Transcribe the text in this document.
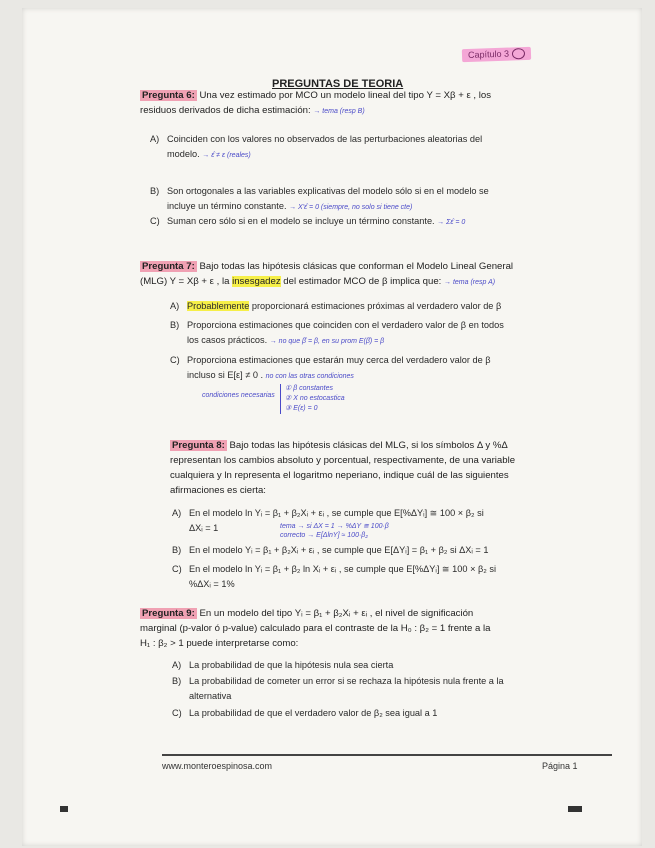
Capítulo 3
PREGUNTAS DE TEORIA
Pregunta 6: Una vez estimado por MCO un modelo lineal del tipo Y = Xβ + ε , los
residuos derivados de dicha estimación: → tema (resp B)
A) Coinciden con los valores no observados de las perturbaciones aleatorias del
modelo. → ε̂ ≠ ε (reales)
B) Son ortogonales a las variables explicativas del modelo sólo si en el modelo se
incluye un término constante. → X'ε̂ = 0 (siempre, no solo si tiene cte)
C) Suman cero sólo si en el modelo se incluye un término constante. → Σε̂ = 0
Pregunta 7: Bajo todas las hipótesis clásicas que conforman el Modelo Lineal General
(MLG) Y = Xβ + ε , la insesgadez del estimador MCO de β implica que: → tema (resp A)
A) Probablemente proporcionará estimaciones próximas al verdadero valor de β
B) Proporciona estimaciones que coinciden con el verdadero valor de β en todos
los casos prácticos. → no que β̂ = β, en su prom E(β̂) = β
C) Proporciona estimaciones que estarán muy cerca del verdadero valor de β
incluso si E[ε] ≠ 0 . no con las otras condiciones
condiciones necesarias
① β constantes
② X no estocastica
③ E(ε) = 0
Pregunta 8: Bajo todas las hipótesis clásicas del MLG, si los símbolos Δ y %Δ
representan los cambios absoluto y porcentual, respectivamente, de una variable
cualquiera y ln representa el logaritmo neperiano, indique cuál de las siguientes
afirmaciones es cierta:
A) En el modelo ln Yᵢ = β₁ + β₂Xᵢ + εᵢ , se cumple que E[%ΔYᵢ] ≅ 100 × β₂ si
ΔXᵢ = 1	tema → si ΔX = 1 → %ΔY ≅ 100·β
correcto → E[ΔlnY] ≈ 100·β₂
B) En el modelo Yᵢ = β₁ + β₂Xᵢ + εᵢ , se cumple que E[ΔYᵢ] = β₁ + β₂ si ΔXᵢ = 1
C) En el modelo ln Yᵢ = β₁ + β₂ ln Xᵢ + εᵢ , se cumple que E[%ΔYᵢ] ≅ 100 × β₂ si
%ΔXᵢ = 1%
Pregunta 9: En un modelo del tipo Yᵢ = β₁ + β₂Xᵢ + εᵢ , el nivel de significación
marginal (p-valor ó p-value) calculado para el contraste de la H₀ : β₂ = 1 frente a la
H₁ : β₂ > 1 puede interpretarse como:
A) La probabilidad de que la hipótesis nula sea cierta
B) La probabilidad de cometer un error si se rechaza la hipótesis nula frente a la
alternativa
C) La probabilidad de que el verdadero valor de β₂ sea igual a 1
www.monteroespinosa.com	Página 1
